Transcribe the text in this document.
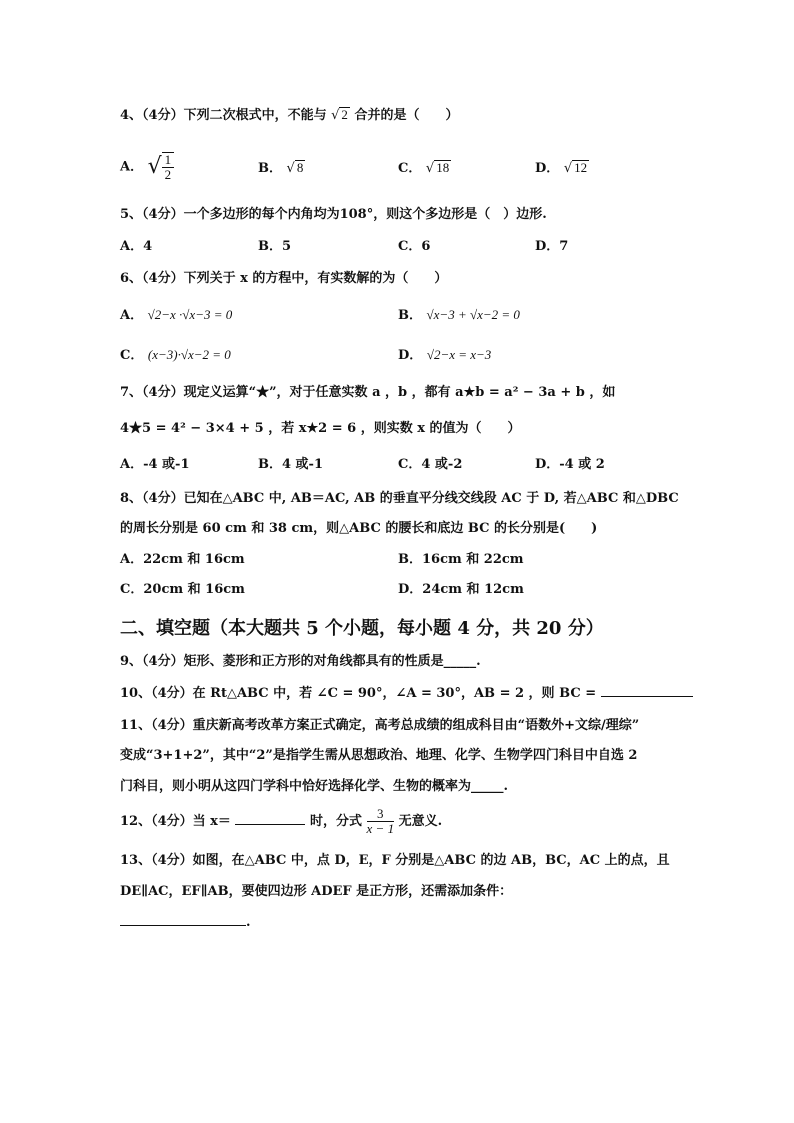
4、（4分）下列二次根式中，不能与 √ 2 合并的是（　　）
A． √ $\frac{1}{2}$	B． √ 8	C． √ 18	D． √ 12
5、（4分）一个多边形的每个内角均为108°，则这个多边形是（　）边形.
A．4	B．5	C．6	D．7
6、（4分）下列关于 x 的方程中，有实数解的为（　　）
A． √2−x ·√x−3 = 0	B． √x−3 + √x−2 = 0
C． (x−3)·√x−2 = 0	D． √2−x = x−3
7、（4分）现定义运算“★”，对于任意实数 a ，b ，都有 a★b = a² − 3a + b ，如
4★5 = 4² − 3×4 + 5 ，若 x★2 = 6 ，则实数 x 的值为（　　）
A．-4 或-1	B．4 或-1	C．4 或-2	D．-4 或 2
8、（4分）已知在△ABC 中, AB＝AC, AB 的垂直平分线交线段 AC 于 D, 若△ABC 和△DBC
的周长分别是 60 cm 和 38 cm，则△ABC 的腰长和底边 BC 的长分别是(　　)
A．22cm 和 16cm	B．16cm 和 22cm
C．20cm 和 16cm	D．24cm 和 12cm
二、填空题（本大题共 5 个小题，每小题 4 分，共 20 分）
9、（4分）矩形、菱形和正方形的对角线都具有的性质是_____.
10、（4分）在 Rt△ABC 中，若 ∠C = 90°，∠A = 30°，AB = 2 ，则 BC =
11、（4分）重庆新高考改革方案正式确定，高考总成绩的组成科目由“语数外+文综/理综”
变成“3+1+2”，其中“2”是指学生需从思想政治、地理、化学、生物学四门科目中自选 2
门科目，则小明从这四门学科中恰好选择化学、生物的概率为_____.
12、（4分）当 x＝	时，分式 $\frac{3}{x - 1}$ 无意义.
13、（4分）如图，在△ABC 中，点 D，E，F 分别是△ABC 的边 AB，BC，AC 上的点，且
DE∥AC，EF∥AB，要使四边形 ADEF 是正方形，还需添加条件：
.
